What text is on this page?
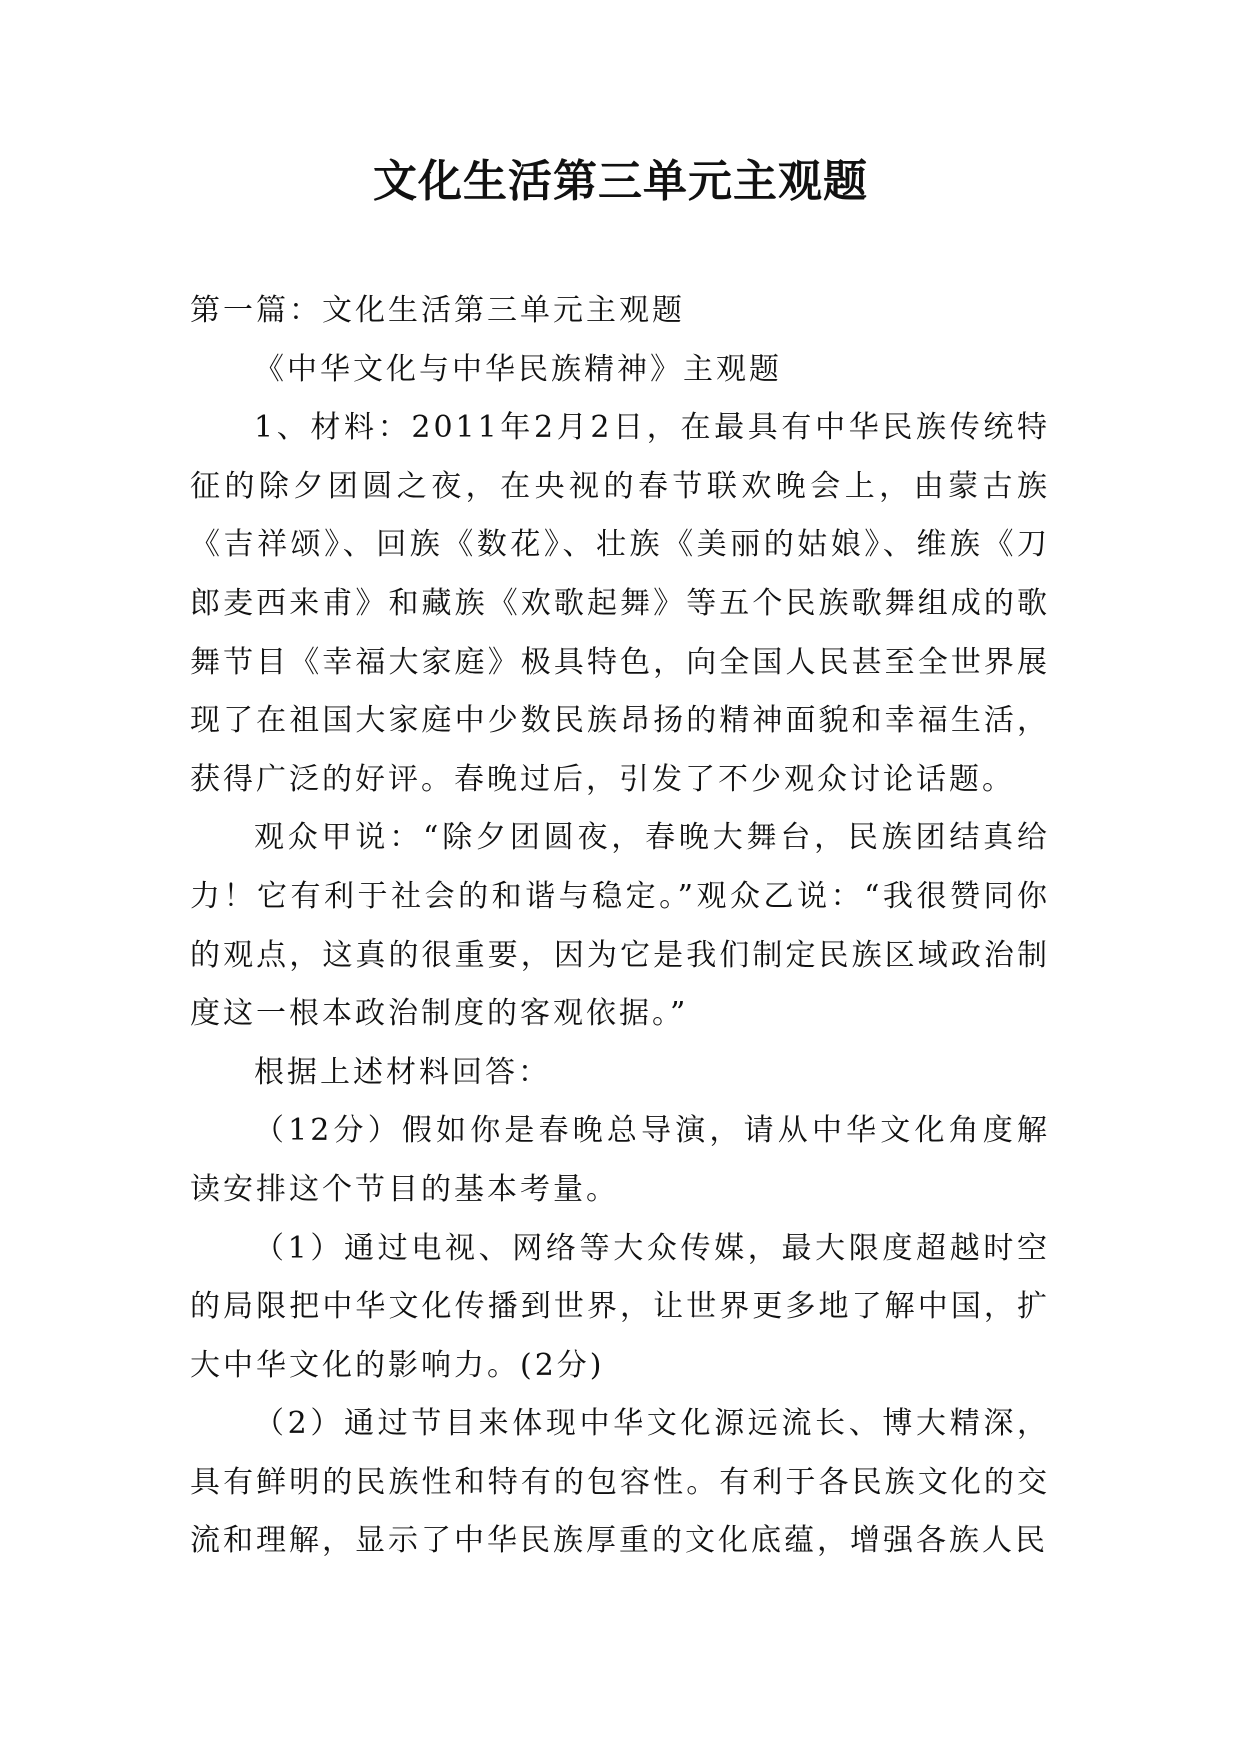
文化生活第三单元主观题

第一篇：文化生活第三单元主观题

《中华文化与中华民族精神》主观题

1、材料：2011年2月2日，在最具有中华民族传统特征的除夕团圆之夜，在央视的春节联欢晚会上，由蒙古族《吉祥颂》、回族《数花》、壮族《美丽的姑娘》、维族《刀郎麦西来甫》和藏族《欢歌起舞》等五个民族歌舞组成的歌舞节目《幸福大家庭》极具特色，向全国人民甚至全世界展现了在祖国大家庭中少数民族昂扬的精神面貌和幸福生活，获得广泛的好评。春晚过后，引发了不少观众讨论话题。

观众甲说：“除夕团圆夜，春晚大舞台，民族团结真给力！它有利于社会的和谐与稳定。”观众乙说：“我很赞同你的观点，这真的很重要，因为它是我们制定民族区域政治制度这一根本政治制度的客观依据。”

根据上述材料回答：

（12分）假如你是春晚总导演，请从中华文化角度解读安排这个节目的基本考量。

（1）通过电视、网络等大众传媒，最大限度超越时空的局限把中华文化传播到世界，让世界更多地了解中国，扩大中华文化的影响力。(2分)

（2）通过节目来体现中华文化源远流长、博大精深，具有鲜明的民族性和特有的包容性。有利于各民族文化的交流和理解，显示了中华民族厚重的文化底蕴，增强各族人民
